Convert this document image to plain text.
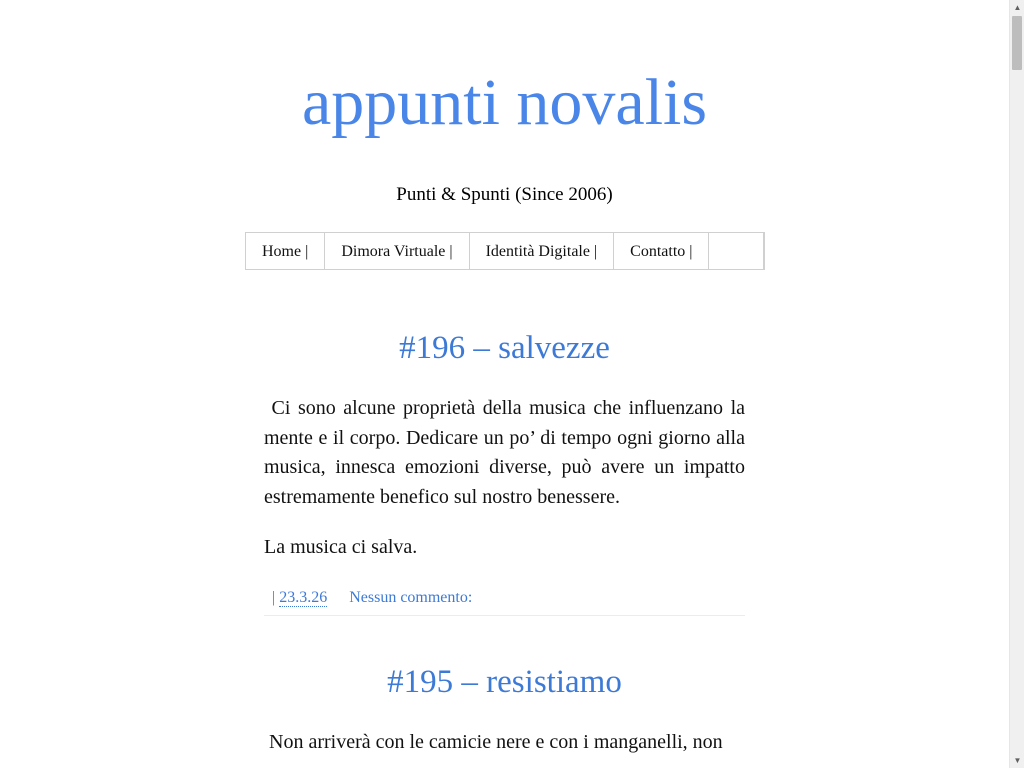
appunti novalis
Punti & Spunti (Since 2006)
Home |	Dimora Virtuale |	Identità Digitale |	Contatto |
#196 – salvezze

Ci sono alcune proprietà della musica che influenzano la mente e il corpo. Dedicare un po’ di tempo ogni giorno alla musica, innesca emozioni diverse, può avere un impatto estremamente benefico sul nostro benessere.

La musica ci salva.

| 23.3.26 Nessun commento:
#195 – resistiamo

Non arriverà con le camicie nere e con i manganelli, non

▲
▼
